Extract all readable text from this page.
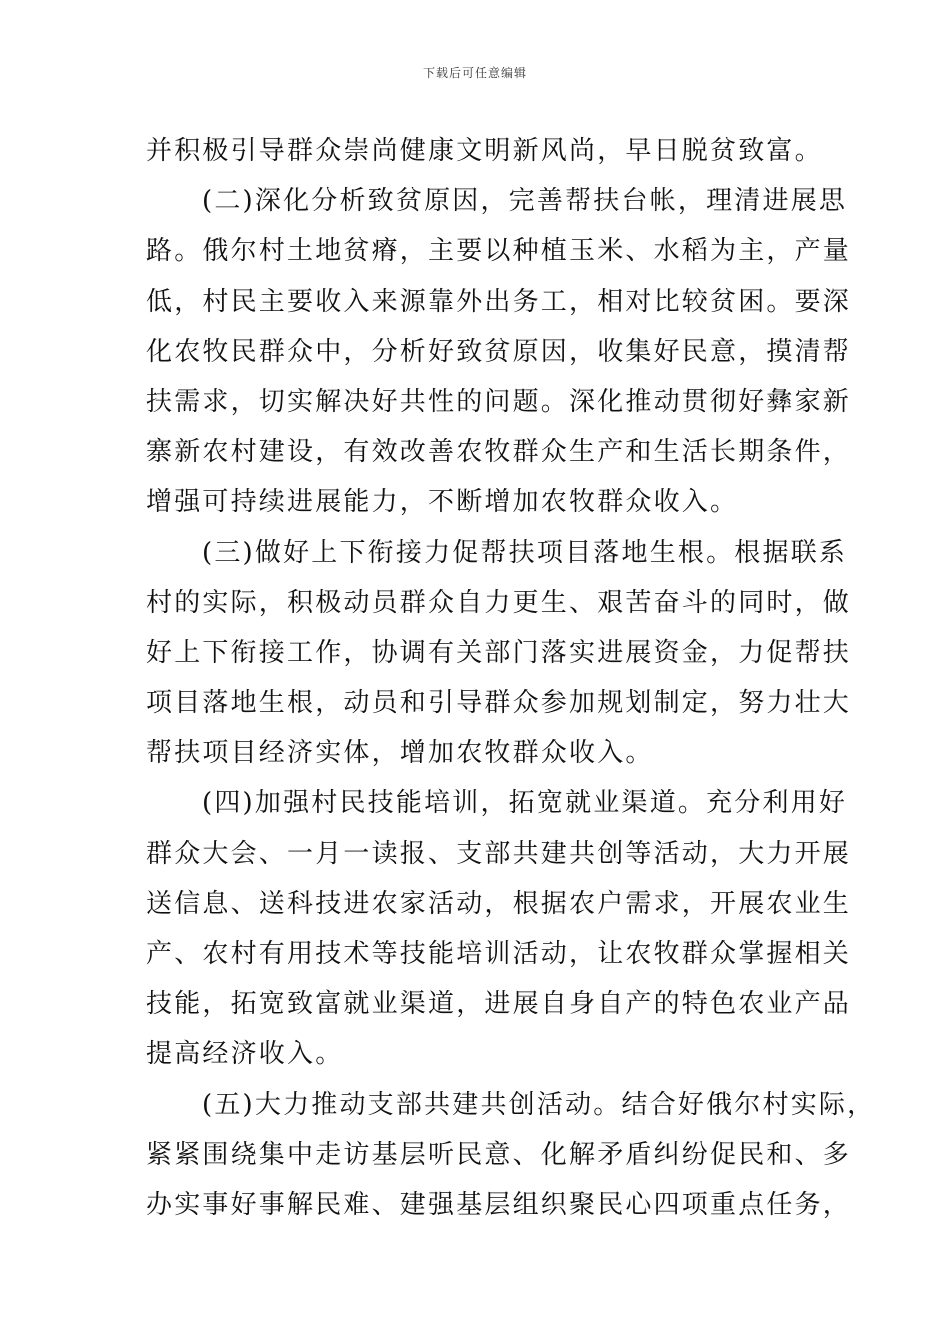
下载后可任意编辑
并积极引导群众崇尚健康文明新风尚，早日脱贫致富。
(二)深化分析致贫原因，完善帮扶台帐，理清进展思
路。俄尔村土地贫瘠，主要以种植玉米、水稻为主，产量
低，村民主要收入来源靠外出务工，相对比较贫困。要深
化农牧民群众中，分析好致贫原因，收集好民意，摸清帮
扶需求，切实解决好共性的问题。深化推动贯彻好彝家新
寨新农村建设，有效改善农牧群众生产和生活长期条件，
增强可持续进展能力，不断增加农牧群众收入。
(三)做好上下衔接力促帮扶项目落地生根。根据联系
村的实际，积极动员群众自力更生、艰苦奋斗的同时，做
好上下衔接工作，协调有关部门落实进展资金，力促帮扶
项目落地生根，动员和引导群众参加规划制定，努力壮大
帮扶项目经济实体，增加农牧群众收入。
(四)加强村民技能培训，拓宽就业渠道。充分利用好
群众大会、一月一读报、支部共建共创等活动，大力开展
送信息、送科技进农家活动，根据农户需求，开展农业生
产、农村有用技术等技能培训活动，让农牧群众掌握相关
技能，拓宽致富就业渠道，进展自身自产的特色农业产品
提高经济收入。
(五)大力推动支部共建共创活动。结合好俄尔村实际，
紧紧围绕集中走访基层听民意、化解矛盾纠纷促民和、多
办实事好事解民难、建强基层组织聚民心四项重点任务，
